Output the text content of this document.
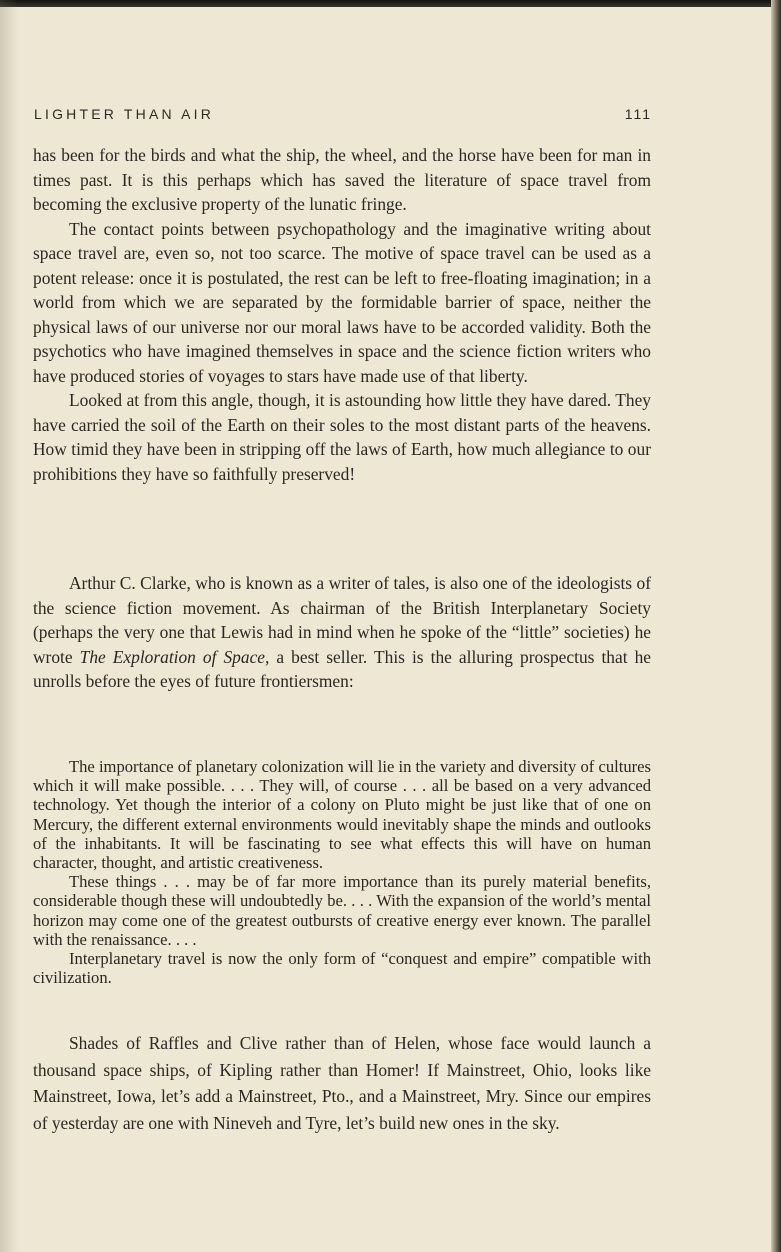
LIGHTER THAN AIR	111

has been for the birds and what the ship, the wheel, and the horse have been for man in times past. It is this perhaps which has saved the literature of space travel from becoming the exclusive property of the lunatic fringe.

The contact points between psychopathology and the imaginative writing about space travel are, even so, not too scarce. The motive of space travel can be used as a potent release: once it is postulated, the rest can be left to free-floating imagination; in a world from which we are separated by the formidable barrier of space, neither the physical laws of our universe nor our moral laws have to be accorded validity. Both the psychotics who have imagined themselves in space and the science fiction writers who have produced stories of voyages to stars have made use of that liberty.

Looked at from this angle, though, it is astounding how little they have dared. They have carried the soil of the Earth on their soles to the most distant parts of the heavens. How timid they have been in stripping off the laws of Earth, how much allegiance to our prohibitions they have so faithfully preserved!

Arthur C. Clarke, who is known as a writer of tales, is also one of the ideologists of the science fiction movement. As chairman of the British Interplanetary Society (perhaps the very one that Lewis had in mind when he spoke of the “little” societies) he wrote The Exploration of Space, a best seller. This is the alluring prospectus that he unrolls before the eyes of future frontiersmen:

The importance of planetary colonization will lie in the variety and diversity of cultures which it will make possible. . . . They will, of course . . . all be based on a very advanced technology. Yet though the interior of a colony on Pluto might be just like that of one on Mercury, the different external environments would inevitably shape the minds and outlooks of the inhabitants. It will be fascinating to see what effects this will have on human character, thought, and artistic creativeness.

These things . . . may be of far more importance than its purely material benefits, considerable though these will undoubtedly be. . . . With the expansion of the world’s mental horizon may come one of the greatest outbursts of creative energy ever known. The parallel with the renaissance. . . .

Interplanetary travel is now the only form of “conquest and empire” compatible with civilization.

Shades of Raffles and Clive rather than of Helen, whose face would launch a thousand space ships, of Kipling rather than Homer! If Mainstreet, Ohio, looks like Mainstreet, Iowa, let’s add a Mainstreet, Pto., and a Mainstreet, Mry. Since our empires of yesterday are one with Nineveh and Tyre, let’s build new ones in the sky.
